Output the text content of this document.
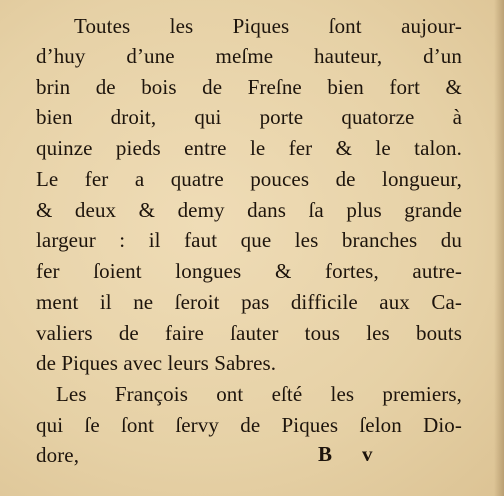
Toutes les Piques ſont aujour-
d’huy d’une meſme hauteur, d’un
brin de bois de Freſne bien fort &
bien droit, qui porte quatorze à
quinze pieds entre le fer & le talon.
Le fer a quatre pouces de longueur,
& deux & demy dans ſa plus grande
largeur : il faut que les branches du
fer ſoient longues & fortes, autre-
ment il ne ſeroit pas difficile aux Ca-
valiers de faire ſauter tous les bouts
de Piques avec leurs Sabres.
Les François ont eſté les premiers,
qui ſe ſont ſervy de Piques ſelon Dio-
dore,	B v
